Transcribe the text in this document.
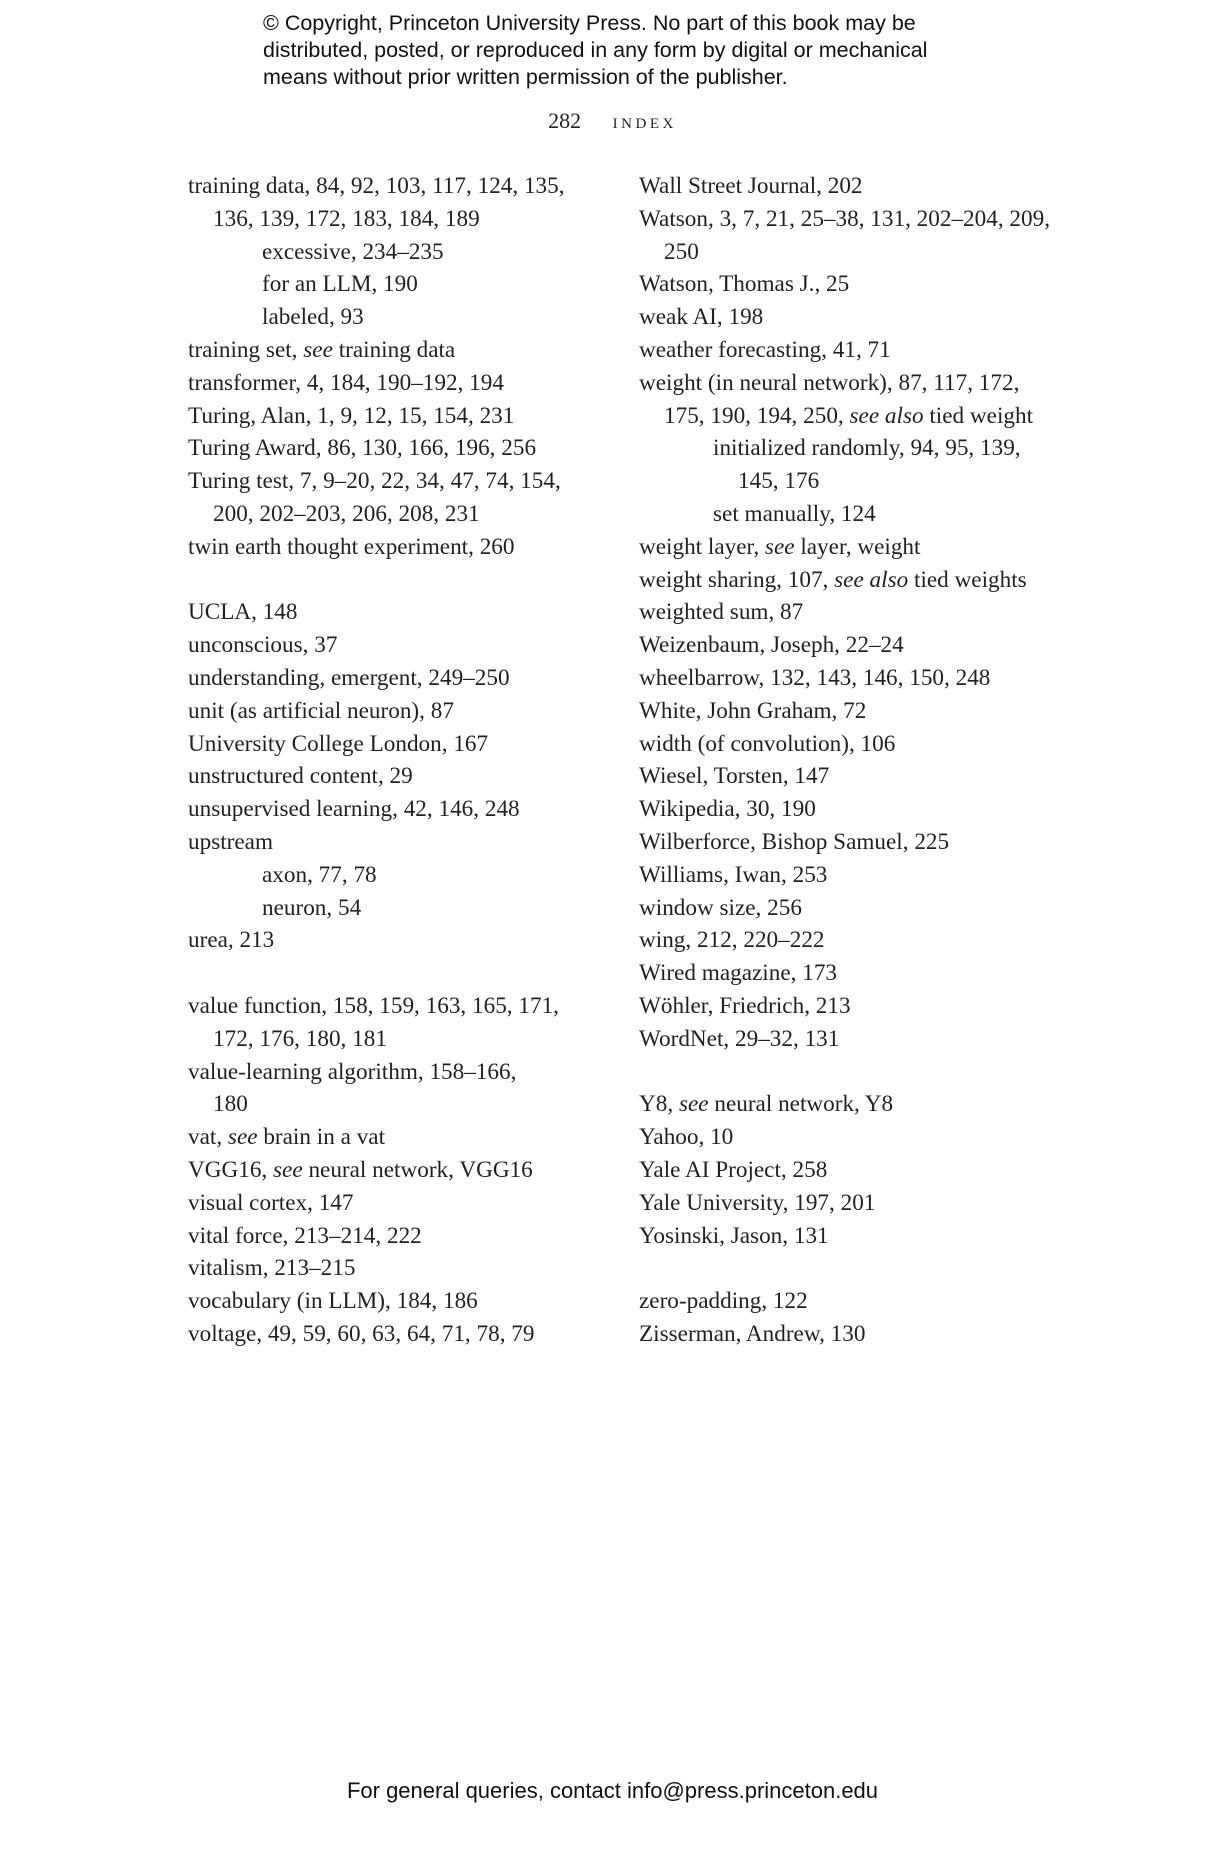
© Copyright, Princeton University Press. No part of this book may be
distributed, posted, or reproduced in any form by digital or mechanical
means without prior written permission of the publisher.
282 index
training data, 84, 92, 103, 117, 124, 135,
136, 139, 172, 183, 184, 189
excessive, 234–235
for an LLM, 190
labeled, 93
training set, see training data
transformer, 4, 184, 190–192, 194
Turing, Alan, 1, 9, 12, 15, 154, 231
Turing Award, 86, 130, 166, 196, 256
Turing test, 7, 9–20, 22, 34, 47, 74, 154,
200, 202–203, 206, 208, 231
twin earth thought experiment, 260
UCLA, 148
unconscious, 37
understanding, emergent, 249–250
unit (as artificial neuron), 87
University College London, 167
unstructured content, 29
unsupervised learning, 42, 146, 248
upstream
axon, 77, 78
neuron, 54
urea, 213
value function, 158, 159, 163, 165, 171,
172, 176, 180, 181
value-learning algorithm, 158–166,
180
vat, see brain in a vat
VGG16, see neural network, VGG16
visual cortex, 147
vital force, 213–214, 222
vitalism, 213–215
vocabulary (in LLM), 184, 186
voltage, 49, 59, 60, 63, 64, 71, 78, 79
Wall Street Journal, 202
Watson, 3, 7, 21, 25–38, 131, 202–204, 209,
250
Watson, Thomas J., 25
weak AI, 198
weather forecasting, 41, 71
weight (in neural network), 87, 117, 172,
175, 190, 194, 250, see also tied weight
initialized randomly, 94, 95, 139,
145, 176
set manually, 124
weight layer, see layer, weight
weight sharing, 107, see also tied weights
weighted sum, 87
Weizenbaum, Joseph, 22–24
wheelbarrow, 132, 143, 146, 150, 248
White, John Graham, 72
width (of convolution), 106
Wiesel, Torsten, 147
Wikipedia, 30, 190
Wilberforce, Bishop Samuel, 225
Williams, Iwan, 253
window size, 256
wing, 212, 220–222
Wired magazine, 173
Wöhler, Friedrich, 213
WordNet, 29–32, 131
Y8, see neural network, Y8
Yahoo, 10
Yale AI Project, 258
Yale University, 197, 201
Yosinski, Jason, 131
zero-padding, 122
Zisserman, Andrew, 130
For general queries, contact info@press.princeton.edu
